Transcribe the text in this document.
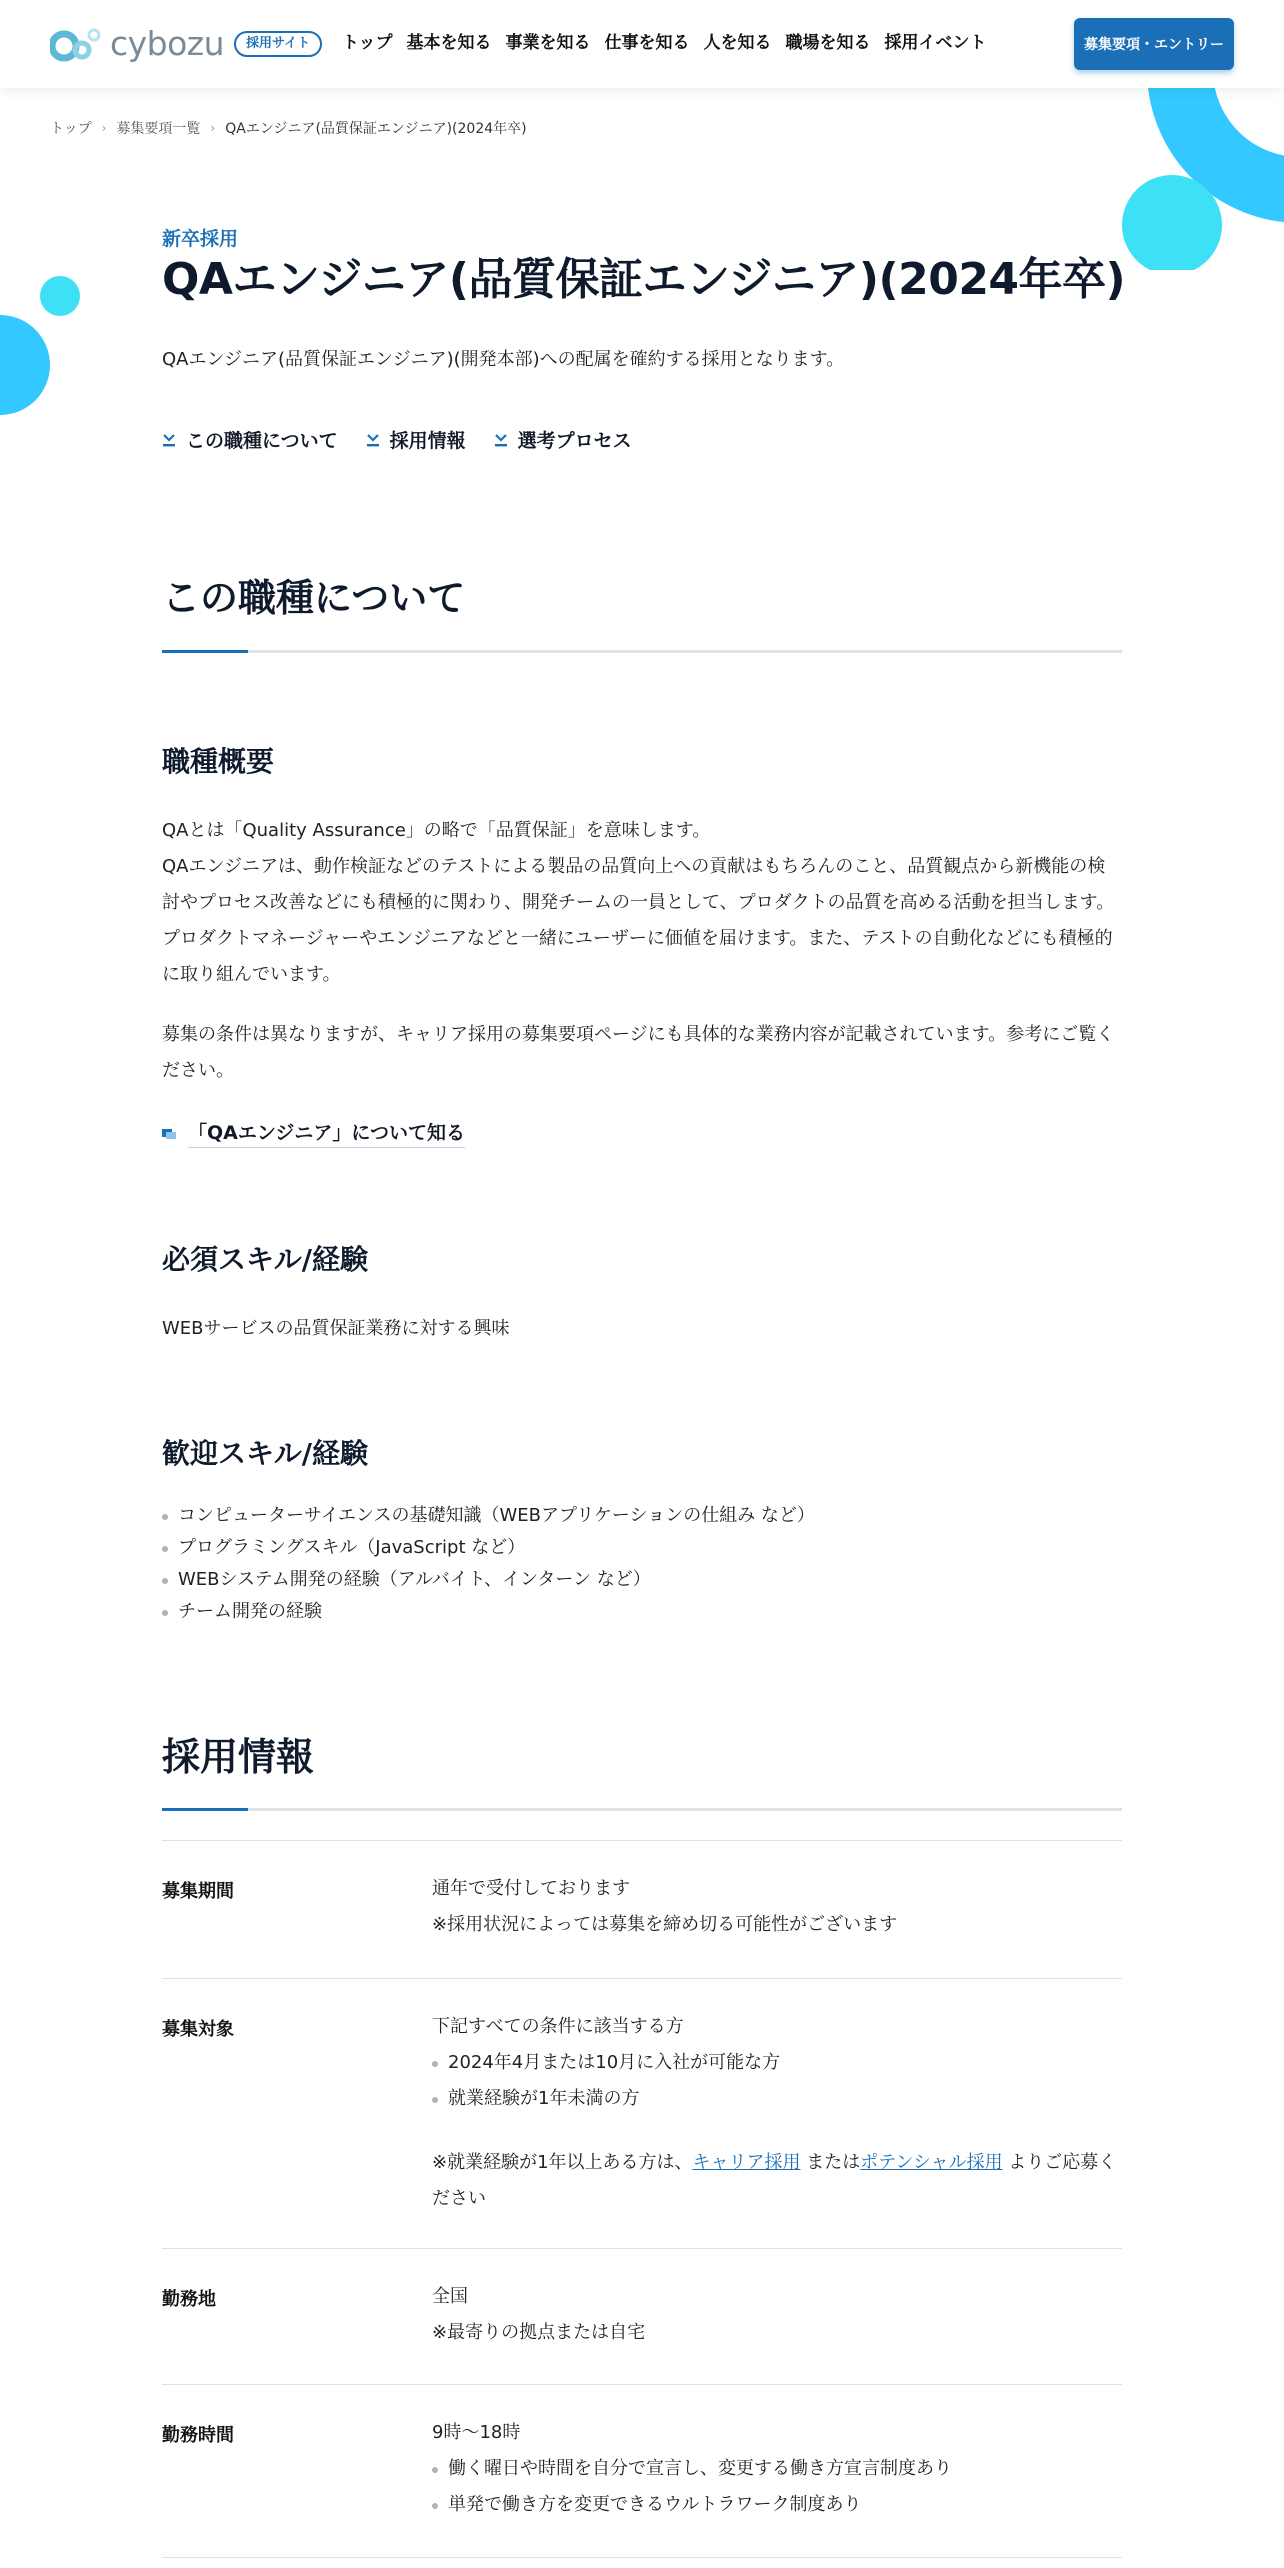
cybozu	採用サイト	トップ 基本を知る 事業を知る 仕事を知る 人を知る 職場を知る 採用イベント	募集要項・エントリー
トップ › 募集要項一覧 › QAエンジニア(品質保証エンジニア)(2024年卒)
新卒採用
QAエンジニア(品質保証エンジニア)(2024年卒)

QAエンジニア(品質保証エンジニア)(開発本部)への配属を確約する採用となります。

この職種について	採用情報	選考プロセス
この職種について
職種概要
QAとは「Quality Assurance」の略で「品質保証」を意味します。
QAエンジニアは、動作検証などのテストによる製品の品質向上への貢献はもちろんのこと、品質観点から新機能の検討やプロセス改善などにも積極的に関わり、開発チームの一員として、プロダクトの品質を高める活動を担当します。プロダクトマネージャーやエンジニアなどと一緒にユーザーに価値を届けます。また、テストの自動化などにも積極的に取り組んでいます。

募集の条件は異なりますが、キャリア採用の募集要項ページにも具体的な業務内容が記載されています。参考にご覧ください。

「QAエンジニア」について知る
必須スキル/経験

WEBサービスの品質保証業務に対する興味

歓迎スキル/経験
コンピューターサイエンスの基礎知識（WEBアプリケーションの仕組み など）
プログラミングスキル（JavaScript など）
WEBシステム開発の経験（アルバイト、インターン など）
チーム開発の経験
採用情報
募集期間	通年で受付しております
※採用状況によっては募集を締め切る可能性がございます
募集対象	下記すべての条件に該当する方
2024年4月または10月に入社が可能な方
就業経験が1年未満の方
※就業経験が1年以上ある方は、キャリア採用 またはポテンシャル採用 よりご応募ください
勤務地	全国
※最寄りの拠点または自宅
勤務時間	9時～18時
働く曜日や時間を自分で宣言し、変更する働き方宣言制度あり
単発で働き方を変更できるウルトラワーク制度あり
